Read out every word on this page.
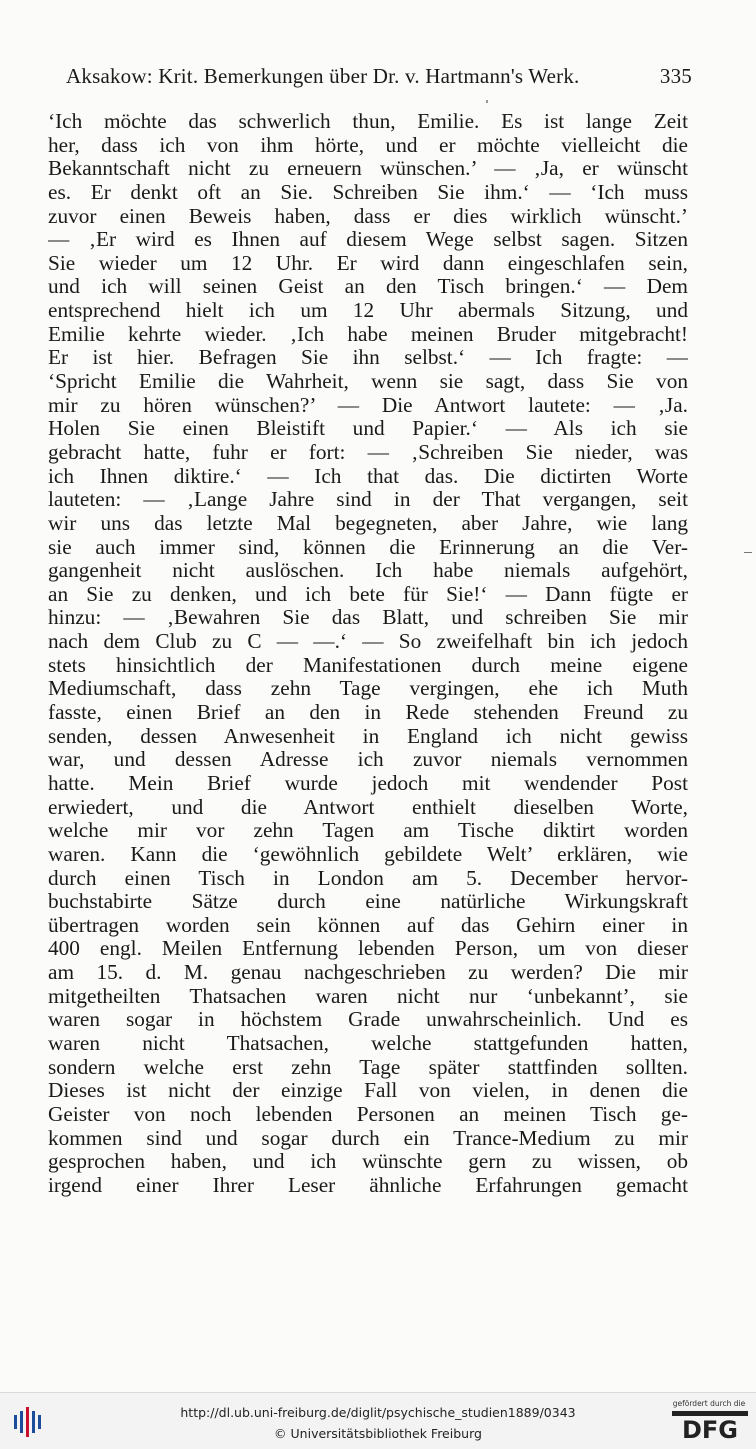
Aksakow: Krit. Bemerkungen über Dr. v. Hartmann's Werk.	335
‘Ich möchte das schwerlich thun, Emilie. Es ist lange Zeit
her, dass ich von ihm hörte, und er möchte vielleicht die
Bekanntschaft nicht zu erneuern wünschen.’ — ‚Ja, er wünscht
es. Er denkt oft an Sie. Schreiben Sie ihm.‘ — ‘Ich muss
zuvor einen Beweis haben, dass er dies wirklich wünscht.’
— ‚Er wird es Ihnen auf diesem Wege selbst sagen. Sitzen
Sie wieder um 12 Uhr. Er wird dann eingeschlafen sein,
und ich will seinen Geist an den Tisch bringen.‘ — Dem
entsprechend hielt ich um 12 Uhr abermals Sitzung, und
Emilie kehrte wieder. ‚Ich habe meinen Bruder mitgebracht!
Er ist hier. Befragen Sie ihn selbst.‘ — Ich fragte: —
‘Spricht Emilie die Wahrheit, wenn sie sagt, dass Sie von
mir zu hören wünschen?’ — Die Antwort lautete: — ‚Ja.
Holen Sie einen Bleistift und Papier.‘ — Als ich sie
gebracht hatte, fuhr er fort: — ‚Schreiben Sie nieder, was
ich Ihnen diktire.‘ — Ich that das. Die dictirten Worte
lauteten: — ‚Lange Jahre sind in der That vergangen, seit
wir uns das letzte Mal begegneten, aber Jahre, wie lang
sie auch immer sind, können die Erinnerung an die Ver-
gangenheit nicht auslöschen. Ich habe niemals aufgehört,
an Sie zu denken, und ich bete für Sie!‘ — Dann fügte er
hinzu: — ‚Bewahren Sie das Blatt, und schreiben Sie mir
nach dem Club zu C — —.‘ — So zweifelhaft bin ich jedoch
stets hinsichtlich der Manifestationen durch meine eigene
Mediumschaft, dass zehn Tage vergingen, ehe ich Muth
fasste, einen Brief an den in Rede stehenden Freund zu
senden, dessen Anwesenheit in England ich nicht gewiss
war, und dessen Adresse ich zuvor niemals vernommen
hatte. Mein Brief wurde jedoch mit wendender Post
erwiedert, und die Antwort enthielt dieselben Worte,
welche mir vor zehn Tagen am Tische diktirt worden
waren. Kann die ‘gewöhnlich gebildete Welt’ erklären, wie
durch einen Tisch in London am 5. December hervor-
buchstabirte Sätze durch eine natürliche Wirkungskraft
übertragen worden sein können auf das Gehirn einer in
400 engl. Meilen Entfernung lebenden Person, um von dieser
am 15. d. M. genau nachgeschrieben zu werden? Die mir
mitgetheilten Thatsachen waren nicht nur ‘unbekannt’, sie
waren sogar in höchstem Grade unwahrscheinlich. Und es
waren nicht Thatsachen, welche stattgefunden hatten,
sondern welche erst zehn Tage später stattfinden sollten.
Dieses ist nicht der einzige Fall von vielen, in denen die
Geister von noch lebenden Personen an meinen Tisch ge-
kommen sind und sogar durch ein Trance-Medium zu mir
gesprochen haben, und ich wünschte gern zu wissen, ob
irgend einer Ihrer Leser ähnliche Erfahrungen gemacht
http://dl.ub.uni-freiburg.de/diglit/psychische_studien1889/0343
© Universitätsbibliothek Freiburg
gefördert durch die
DFG
